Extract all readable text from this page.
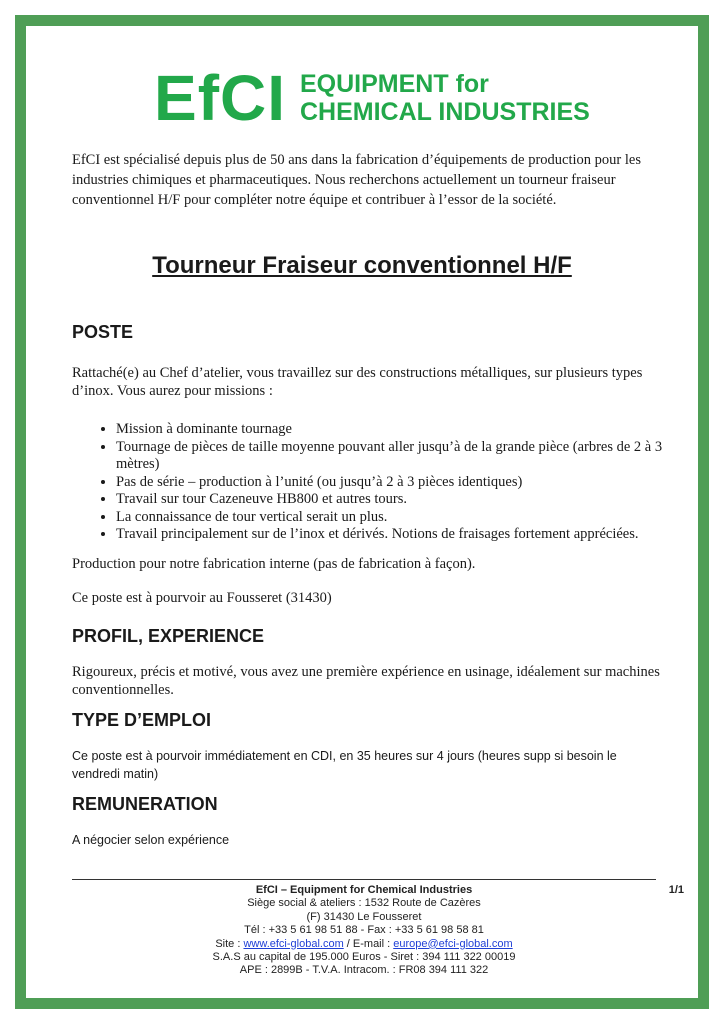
EfCI EQUIPMENT for
CHEMICAL INDUSTRIES
EfCI est spécialisé depuis plus de 50 ans dans la fabrication d’équipements de production pour les industries chimiques et pharmaceutiques. Nous recherchons actuellement un tourneur fraiseur conventionnel H/F pour compléter notre équipe et contribuer à l’essor de la société.
Tourneur Fraiseur conventionnel H/F
POSTE
Rattaché(e) au Chef d’atelier, vous travaillez sur des constructions métalliques, sur plusieurs types d’inox. Vous aurez pour missions :
• Mission à dominante tournage
• Tournage de pièces de taille moyenne pouvant aller jusqu’à de la grande pièce (arbres de 2 à 3 mètres)
• Pas de série – production à l’unité (ou jusqu’à 2 à 3 pièces identiques)
• Travail sur tour Cazeneuve HB800 et autres tours.
• La connaissance de tour vertical serait un plus.
• Travail principalement sur de l’inox et dérivés. Notions de fraisages fortement appréciées.
Production pour notre fabrication interne (pas de fabrication à façon).
Ce poste est à pourvoir au Fousseret (31430)
PROFIL, EXPERIENCE
Rigoureux, précis et motivé, vous avez une première expérience en usinage, idéalement sur machines conventionnelles.
TYPE D’EMPLOI
Ce poste est à pourvoir immédiatement en CDI, en 35 heures sur 4 jours (heures supp si besoin le vendredi matin)
REMUNERATION
A négocier selon expérience
1/1
EfCI – Equipment for Chemical Industries
Siège social & ateliers : 1532 Route de Cazères
(F) 31430 Le Fousseret
Tél : +33 5 61 98 51 88 - Fax : +33 5 61 98 58 81
Site : www.efci-global.com / E-mail : europe@efci-global.com
S.A.S au capital de 195.000 Euros - Siret : 394 111 322 00019
APE : 2899B - T.V.A. Intracom. : FR08 394 111 322
